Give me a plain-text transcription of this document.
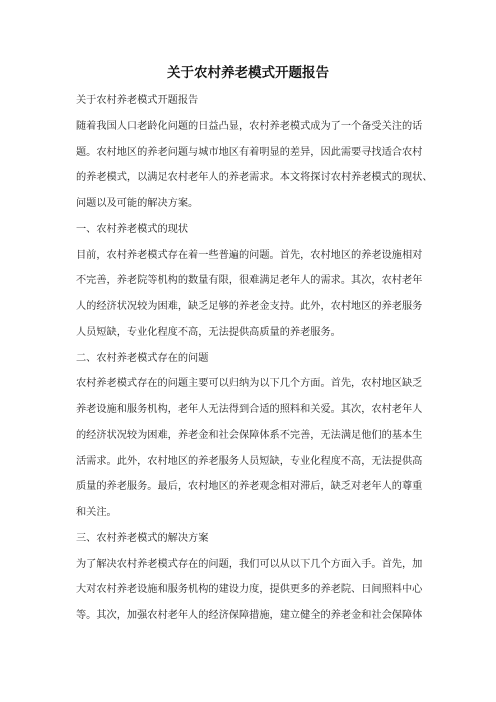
关于农村养老模式开题报告
关于农村养老模式开题报告
随着我国人口老龄化问题的日益凸显，农村养老模式成为了一个备受关注的话
题。农村地区的养老问题与城市地区有着明显的差异，因此需要寻找适合农村
的养老模式，以满足农村老年人的养老需求。本文将探讨农村养老模式的现状、
问题以及可能的解决方案。
一、农村养老模式的现状
目前，农村养老模式存在着一些普遍的问题。首先，农村地区的养老设施相对
不完善，养老院等机构的数量有限，很难满足老年人的需求。其次，农村老年
人的经济状况较为困难，缺乏足够的养老金支持。此外，农村地区的养老服务
人员短缺，专业化程度不高，无法提供高质量的养老服务。
二、农村养老模式存在的问题
农村养老模式存在的问题主要可以归纳为以下几个方面。首先，农村地区缺乏
养老设施和服务机构，老年人无法得到合适的照料和关爱。其次，农村老年人
的经济状况较为困难，养老金和社会保障体系不完善，无法满足他们的基本生
活需求。此外，农村地区的养老服务人员短缺，专业化程度不高，无法提供高
质量的养老服务。最后，农村地区的养老观念相对滞后，缺乏对老年人的尊重
和关注。
三、农村养老模式的解决方案
为了解决农村养老模式存在的问题，我们可以从以下几个方面入手。首先，加
大对农村养老设施和服务机构的建设力度，提供更多的养老院、日间照料中心
等。其次，加强农村老年人的经济保障措施，建立健全的养老金和社会保障体
